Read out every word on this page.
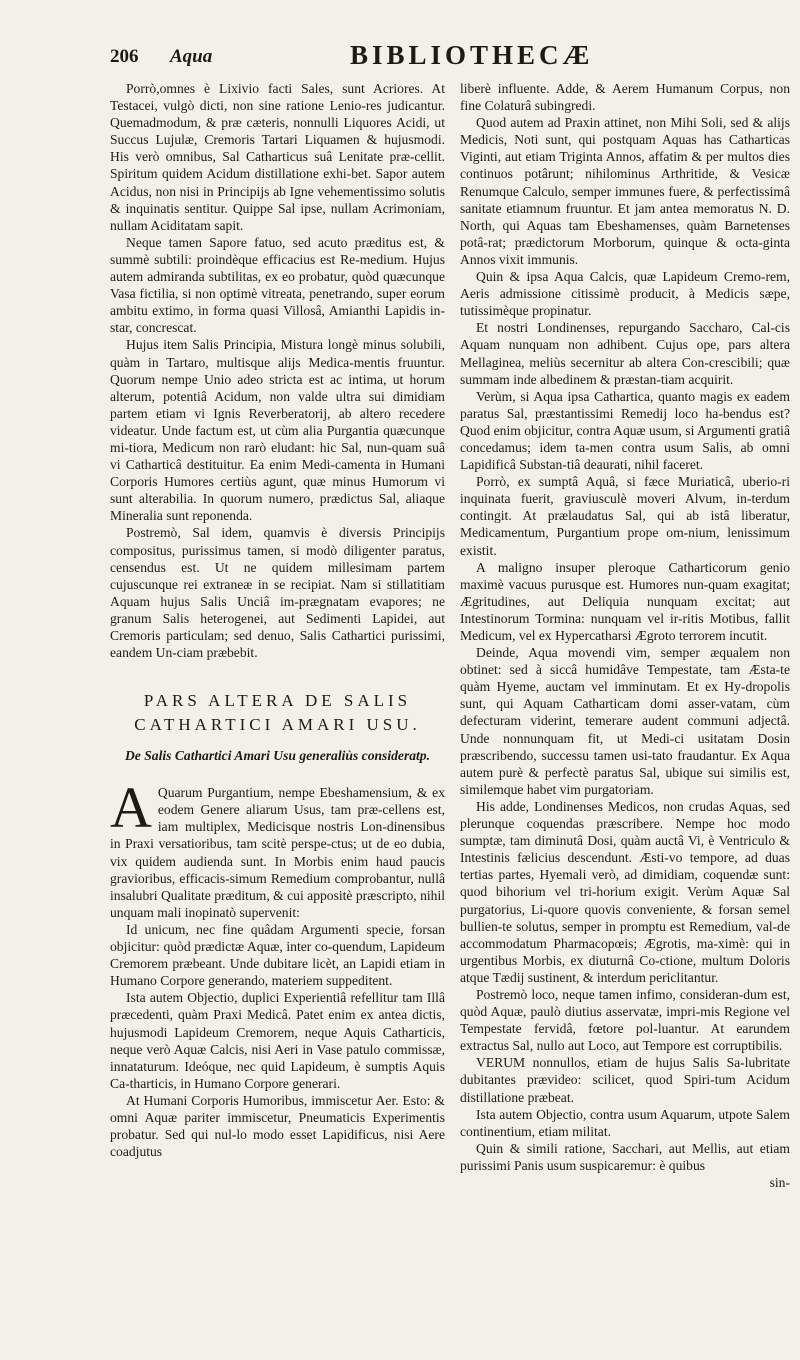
206 Aqua	BIBLIOTHECÆ

Porrò,omnes è Lixivio facti Sales, sunt Acriores. At Testacei, vulgò dicti, non sine ratione Lenio-res judicantur. Quemadmodum, & præ cæteris, nonnulli Liquores Acidi, ut Succus Lujulæ, Cremoris Tartari Liquamen & hujusmodi. His verò omnibus, Sal Catharticus suâ Lenitate præ-cellit. Spiritum quidem Acidum distillatione exhi-bet. Sapor autem Acidus, non nisi in Principijs ab Igne vehementissimo solutis & inquinatis sentitur. Quippe Sal ipse, nullam Acrimoniam, nullam Aciditatam sapit.

Neque tamen Sapore fatuo, sed acuto præditus est, & summè subtili: proindèque efficacius est Re-medium. Hujus autem admiranda subtilitas, ex eo probatur, quòd quæcunque Vasa fictilia, si non optimè vitreata, penetrando, super eorum ambitu extimo, in forma quasi Villosâ, Amianthi Lapidis in-star, concrescat.

Hujus item Salis Principia, Mistura longè minus solubili, quàm in Tartaro, multisque alijs Medica-mentis fruuntur. Quorum nempe Unio adeo stricta est ac intima, ut horum alterum, potentiâ Acidum, non valde ultra sui dimidiam partem etiam vi Ignis Reverberatorij, ab altero recedere videatur. Unde factum est, ut cùm alia Purgantia quæcunque mi-tiora, Medicum non rarò eludant: hic Sal, nun-quam suâ vi Catharticâ destituitur. Ea enim Medi-camenta in Humani Corporis Humores certiùs agunt, quæ minus Humorum vi sunt alterabilia. In quorum numero, prædictus Sal, aliaque Mineralia sunt reponenda.

Postremò, Sal idem, quamvis è diversis Principijs compositus, purissimus tamen, si modò diligenter paratus, censendus est. Ut ne quidem millesimam partem cujuscunque rei extraneæ in se recipiat. Nam si stillatitiam Aquam hujus Salis Unciâ im-prægnatam evapores; ne granum Salis heterogenei, aut Sedimenti Lapidei, aut Cremoris particulam; sed denuo, Salis Cathartici purissimi, eandem Un-ciam præbebit.

PARS ALTERA DE SALIS CATHARTICI AMARI USU.
De Salis Cathartici Amari Usu generaliùs consideratp.

A Quarum Purgantium, nempe Ebeshamensium, & ex eodem Genere aliarum Usus, tam præ-cellens est, iam multiplex, Medicisque nostris Lon-dinensibus in Praxi versatioribus, tam scitè perspe-ctus; ut de eo dubia, vix quidem audienda sunt. In Morbis enim haud paucis gravioribus, efficacis-simum Remedium comprobantur, nullâ insalubri Qualitate præditum, & cui appositè præscripto, nihil unquam mali inopinatò supervenit:

Id unicum, nec fine quâdam Argumenti specie, forsan objicitur: quòd prædictæ Aquæ, inter co-quendum, Lapideum Cremorem præbeant. Unde dubitare licèt, an Lapidi etiam in Humano Corpore generando, materiem suppeditent.

Ista autem Objectio, duplici Experientiâ refellitur tam Illâ præcedenti, quàm Praxi Medicâ. Patet enim ex antea dictis, hujusmodi Lapideum Cremorem, neque Aquis Catharticis, neque verò Aquæ Calcis, nisi Aeri in Vase patulo commissæ, innataturum. Ideóque, nec quid Lapideum, è sumptis Aquis Ca-tharticis, in Humano Corpore generari.

At Humani Corporis Humoribus, immiscetur Aer. Esto: & omni Aquæ pariter immiscetur, Pneumaticis Experimentis probatur. Sed qui nul-lo modo esset Lapidificus, nisi Aere coadjutus

liberè influente. Adde, & Aerem Humanum Corpus, non fine Colaturâ subingredi.

Quod autem ad Praxin attinet, non Mihi Soli, sed & alijs Medicis, Noti sunt, qui postquam Aquas has Catharticas Viginti, aut etiam Triginta Annos, affatim & per multos dies continuos potârunt; nihilominus Arthritide, & Vesicæ Renumque Calculo, semper immunes fuere, & perfectissimâ sanitate etiamnum fruuntur. Et jam antea memoratus N. D. North, qui Aquas tam Ebeshamenses, quàm Barnetenses potâ-rat; prædictorum Morborum, quinque & octa-ginta Annos vixit immunis.

Quin & ipsa Aqua Calcis, quæ Lapideum Cremo-rem, Aeris admissione citissimè producit, à Medicis sæpe, tutissimèque propinatur.

Et nostri Londinenses, repurgando Saccharo, Cal-cis Aquam nunquam non adhibent. Cujus ope, pars altera Mellaginea, meliùs secernitur ab altera Con-crescibili; quæ summam inde albedinem & præstan-tiam acquirit.

Verùm, si Aqua ipsa Cathartica, quanto magis ex eadem paratus Sal, præstantissimi Remedij loco ha-bendus est? Quod enim objicitur, contra Aquæ usum, si Argumenti gratiâ concedamus; idem ta-men contra usum Salis, ab omni Lapidificâ Substan-tiâ deaurati, nihil faceret.

Porrò, ex sumptâ Aquâ, si fæce Muriaticâ, uberio-ri inquinata fuerit, graviusculè moveri Alvum, in-terdum contingit. At prælaudatus Sal, qui ab istâ liberatur, Medicamentum, Purgantium prope om-nium, lenissimum existit.

A maligno insuper pleroque Catharticorum genio maximè vacuus purusque est. Humores nun-quam exagitat; Ægritudines, aut Deliquia nunquam excitat; aut Intestinorum Tormina: nunquam vel ir-ritis Motibus, fallit Medicum, vel ex Hypercatharsi Ægroto terrorem incutit.

Deinde, Aqua movendi vim, semper æqualem non obtinet: sed à siccâ humidâve Tempestate, tam Æsta-te quàm Hyeme, auctam vel imminutam. Et ex Hy-dropolis sunt, qui Aquam Catharticam domi asser-vatam, cùm defecturam viderint, temerare audent communi adjectâ. Unde nonnunquam fit, ut Medi-ci usitatam Dosin præscribendo, successu tamen usi-tato fraudantur. Ex Aqua autem purè & perfectè paratus Sal, ubique sui similis est, similemque habet vim purgatoriam.

His adde, Londinenses Medicos, non crudas Aquas, sed plerunque coquendas præscribere. Nempe hoc modo sumptæ, tam diminutâ Dosi, quàm auctâ Vi, è Ventriculo & Intestinis fælicius descendunt. Æsti-vo tempore, ad duas tertias partes, Hyemali verò, ad dimidiam, coquendæ sunt: quod bihorium vel tri-horium exigit. Verùm Aquæ Sal purgatorius, Li-quore quovis conveniente, & forsan semel bullien-te solutus, semper in promptu est Remedium, val-de accommodatum Pharmacopœis; Ægrotis, ma-ximè: qui in urgentibus Morbis, ex diuturnâ Co-ctione, multum Doloris atque Tædij sustinent, & interdum periclitantur.

Postremò loco, neque tamen infimo, consideran-dum est, quòd Aquæ, paulò diutius asservatæ, impri-mis Regione vel Tempestate fervidâ, fœtore pol-luantur. At earundem extractus Sal, nullo aut Loco, aut Tempore est corruptibilis.

VERUM nonnullos, etiam de hujus Salis Sa-lubritate dubitantes prævideo: scilicet, quod Spiri-tum Acidum distillatione præbeat.

Ista autem Objectio, contra usum Aquarum, utpote Salem continentium, etiam militat.

Quin & simili ratione, Sacchari, aut Mellis, aut etiam purissimi Panis usum suspicaremur: è quibus

sin-
